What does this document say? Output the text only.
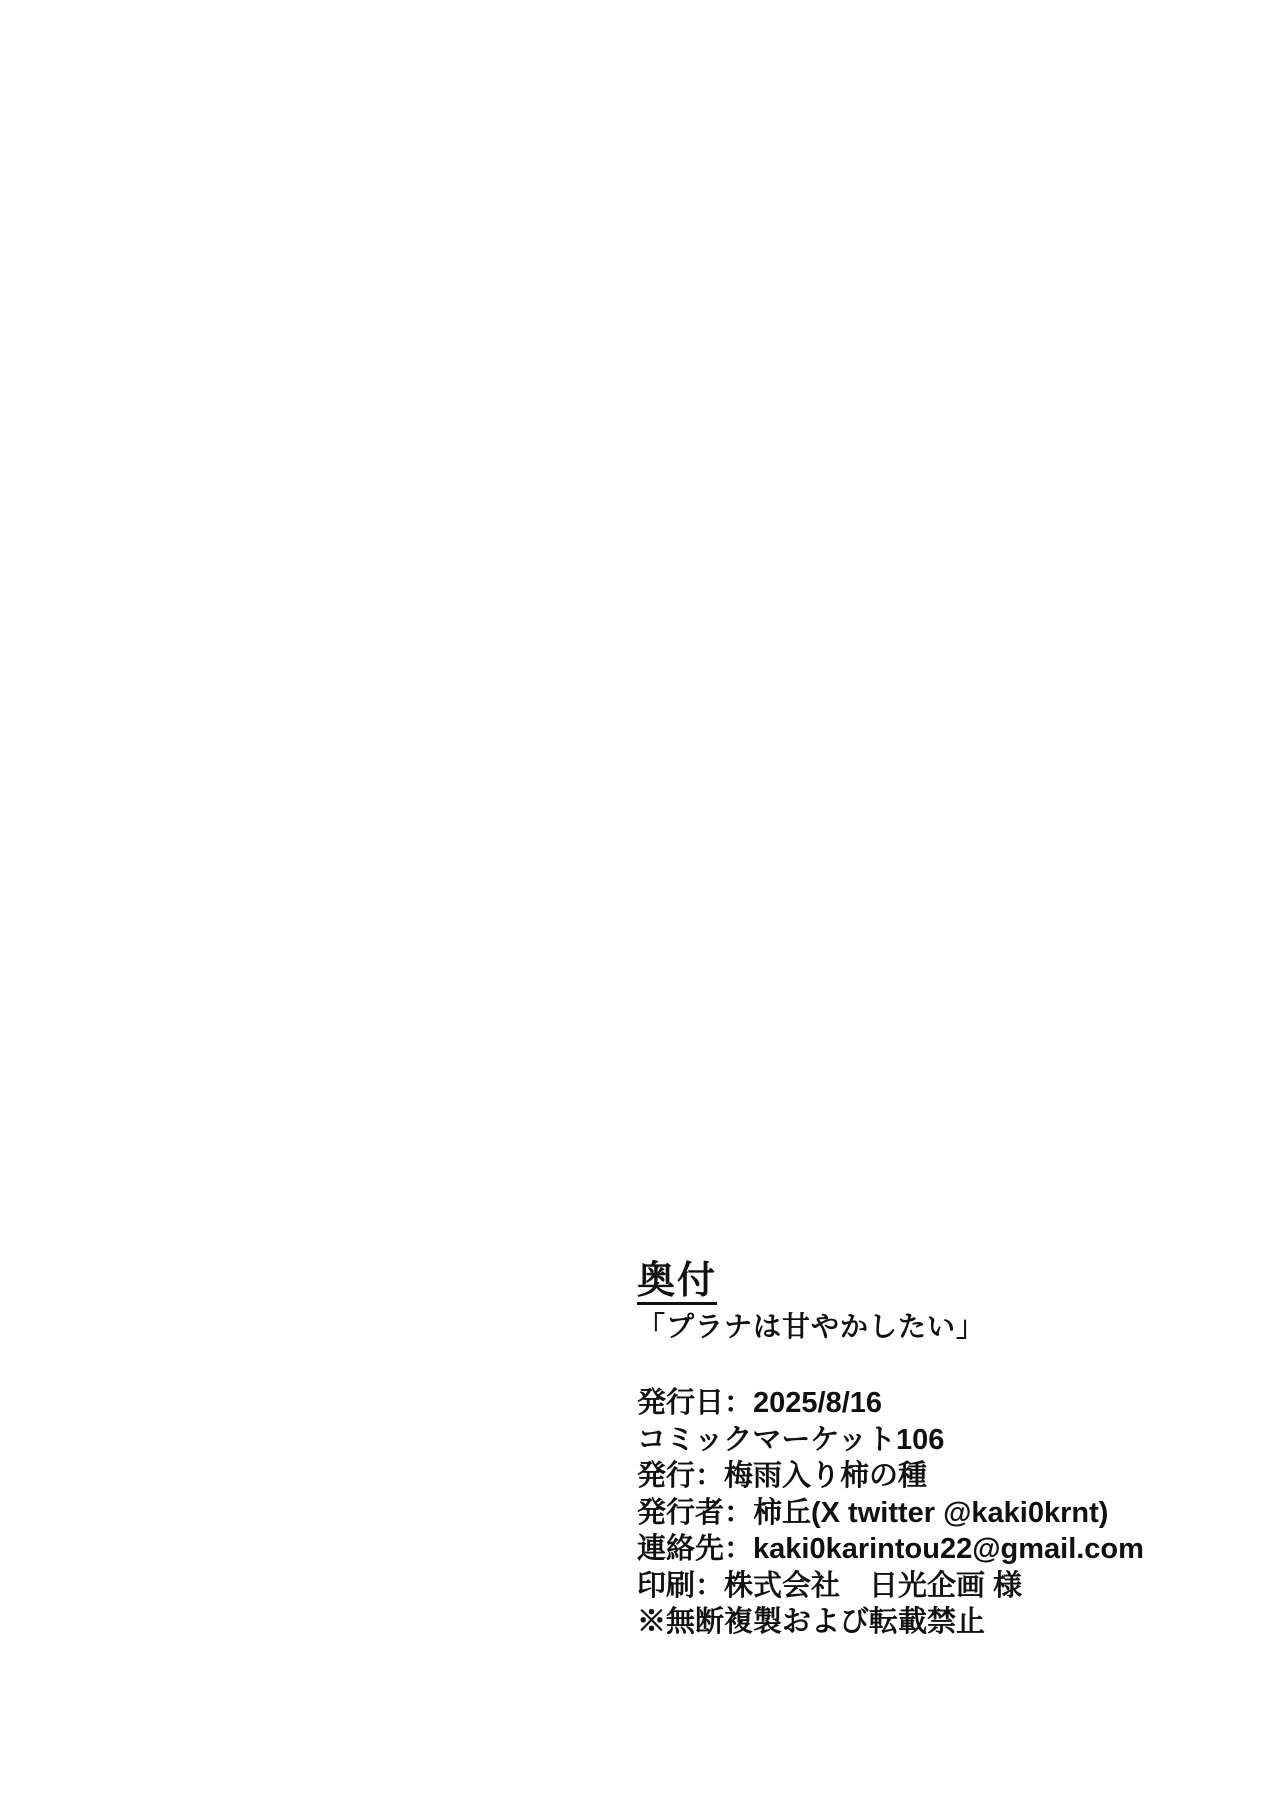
奥付
「プラナは甘やかしたい」
発行日：2025/8/16
コミックマーケット106
発行：梅雨入り柿の種
発行者：柿丘(X twitter @kaki0krnt)
連絡先：kaki0karintou22@gmail.com
印刷：株式会社　日光企画 様
※無断複製および転載禁止
